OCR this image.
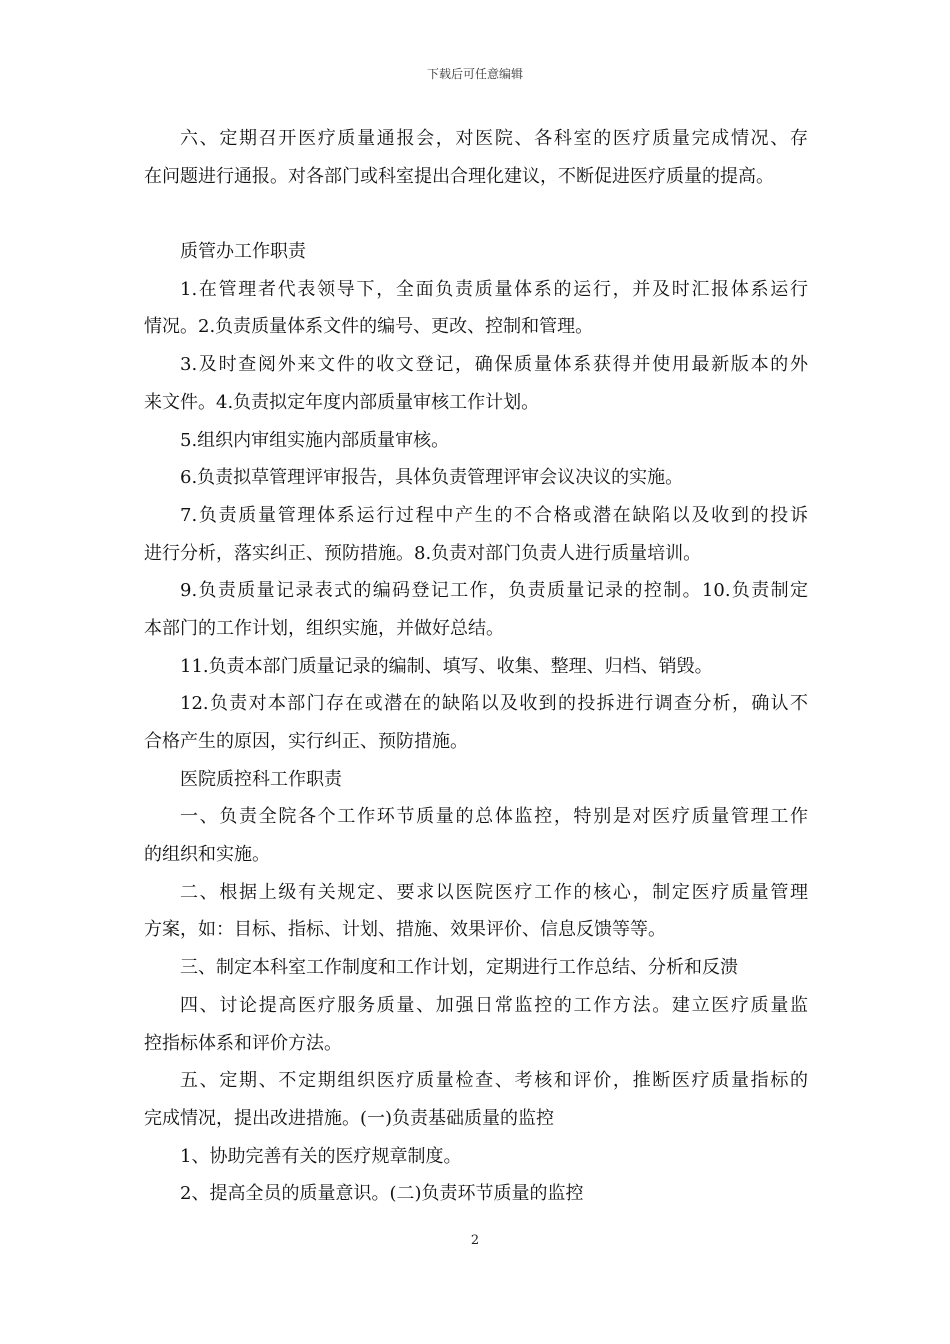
下载后可任意编辑
六、定期召开医疗质量通报会，对医院、各科室的医疗质量完成情况、存
在问题进行通报。对各部门或科室提出合理化建议，不断促进医疗质量的提高。
质管办工作职责
1.在管理者代表领导下，全面负责质量体系的运行，并及时汇报体系运行
情况。2.负责质量体系文件的编号、更改、控制和管理。
3.及时查阅外来文件的收文登记，确保质量体系获得并使用最新版本的外
来文件。4.负责拟定年度内部质量审核工作计划。
5.组织内审组实施内部质量审核。
6.负责拟草管理评审报告，具体负责管理评审会议决议的实施。
7.负责质量管理体系运行过程中产生的不合格或潜在缺陷以及收到的投诉
进行分析，落实纠正、预防措施。8.负责对部门负责人进行质量培训。
9.负责质量记录表式的编码登记工作，负责质量记录的控制。10.负责制定
本部门的工作计划，组织实施，并做好总结。
11.负责本部门质量记录的编制、填写、收集、整理、归档、销毁。
12.负责对本部门存在或潜在的缺陷以及收到的投拆进行调查分析，确认不
合格产生的原因，实行纠正、预防措施。
医院质控科工作职责
一、负责全院各个工作环节质量的总体监控，特别是对医疗质量管理工作
的组织和实施。
二、根据上级有关规定、要求以医院医疗工作的核心，制定医疗质量管理
方案，如：目标、指标、计划、措施、效果评价、信息反馈等等。
三、制定本科室工作制度和工作计划，定期进行工作总结、分析和反溃
四、讨论提高医疗服务质量、加强日常监控的工作方法。建立医疗质量监
控指标体系和评价方法。
五、定期、不定期组织医疗质量检查、考核和评价，推断医疗质量指标的
完成情况，提出改进措施。(一)负责基础质量的监控
1、协助完善有关的医疗规章制度。
2、提高全员的质量意识。(二)负责环节质量的监控
2
